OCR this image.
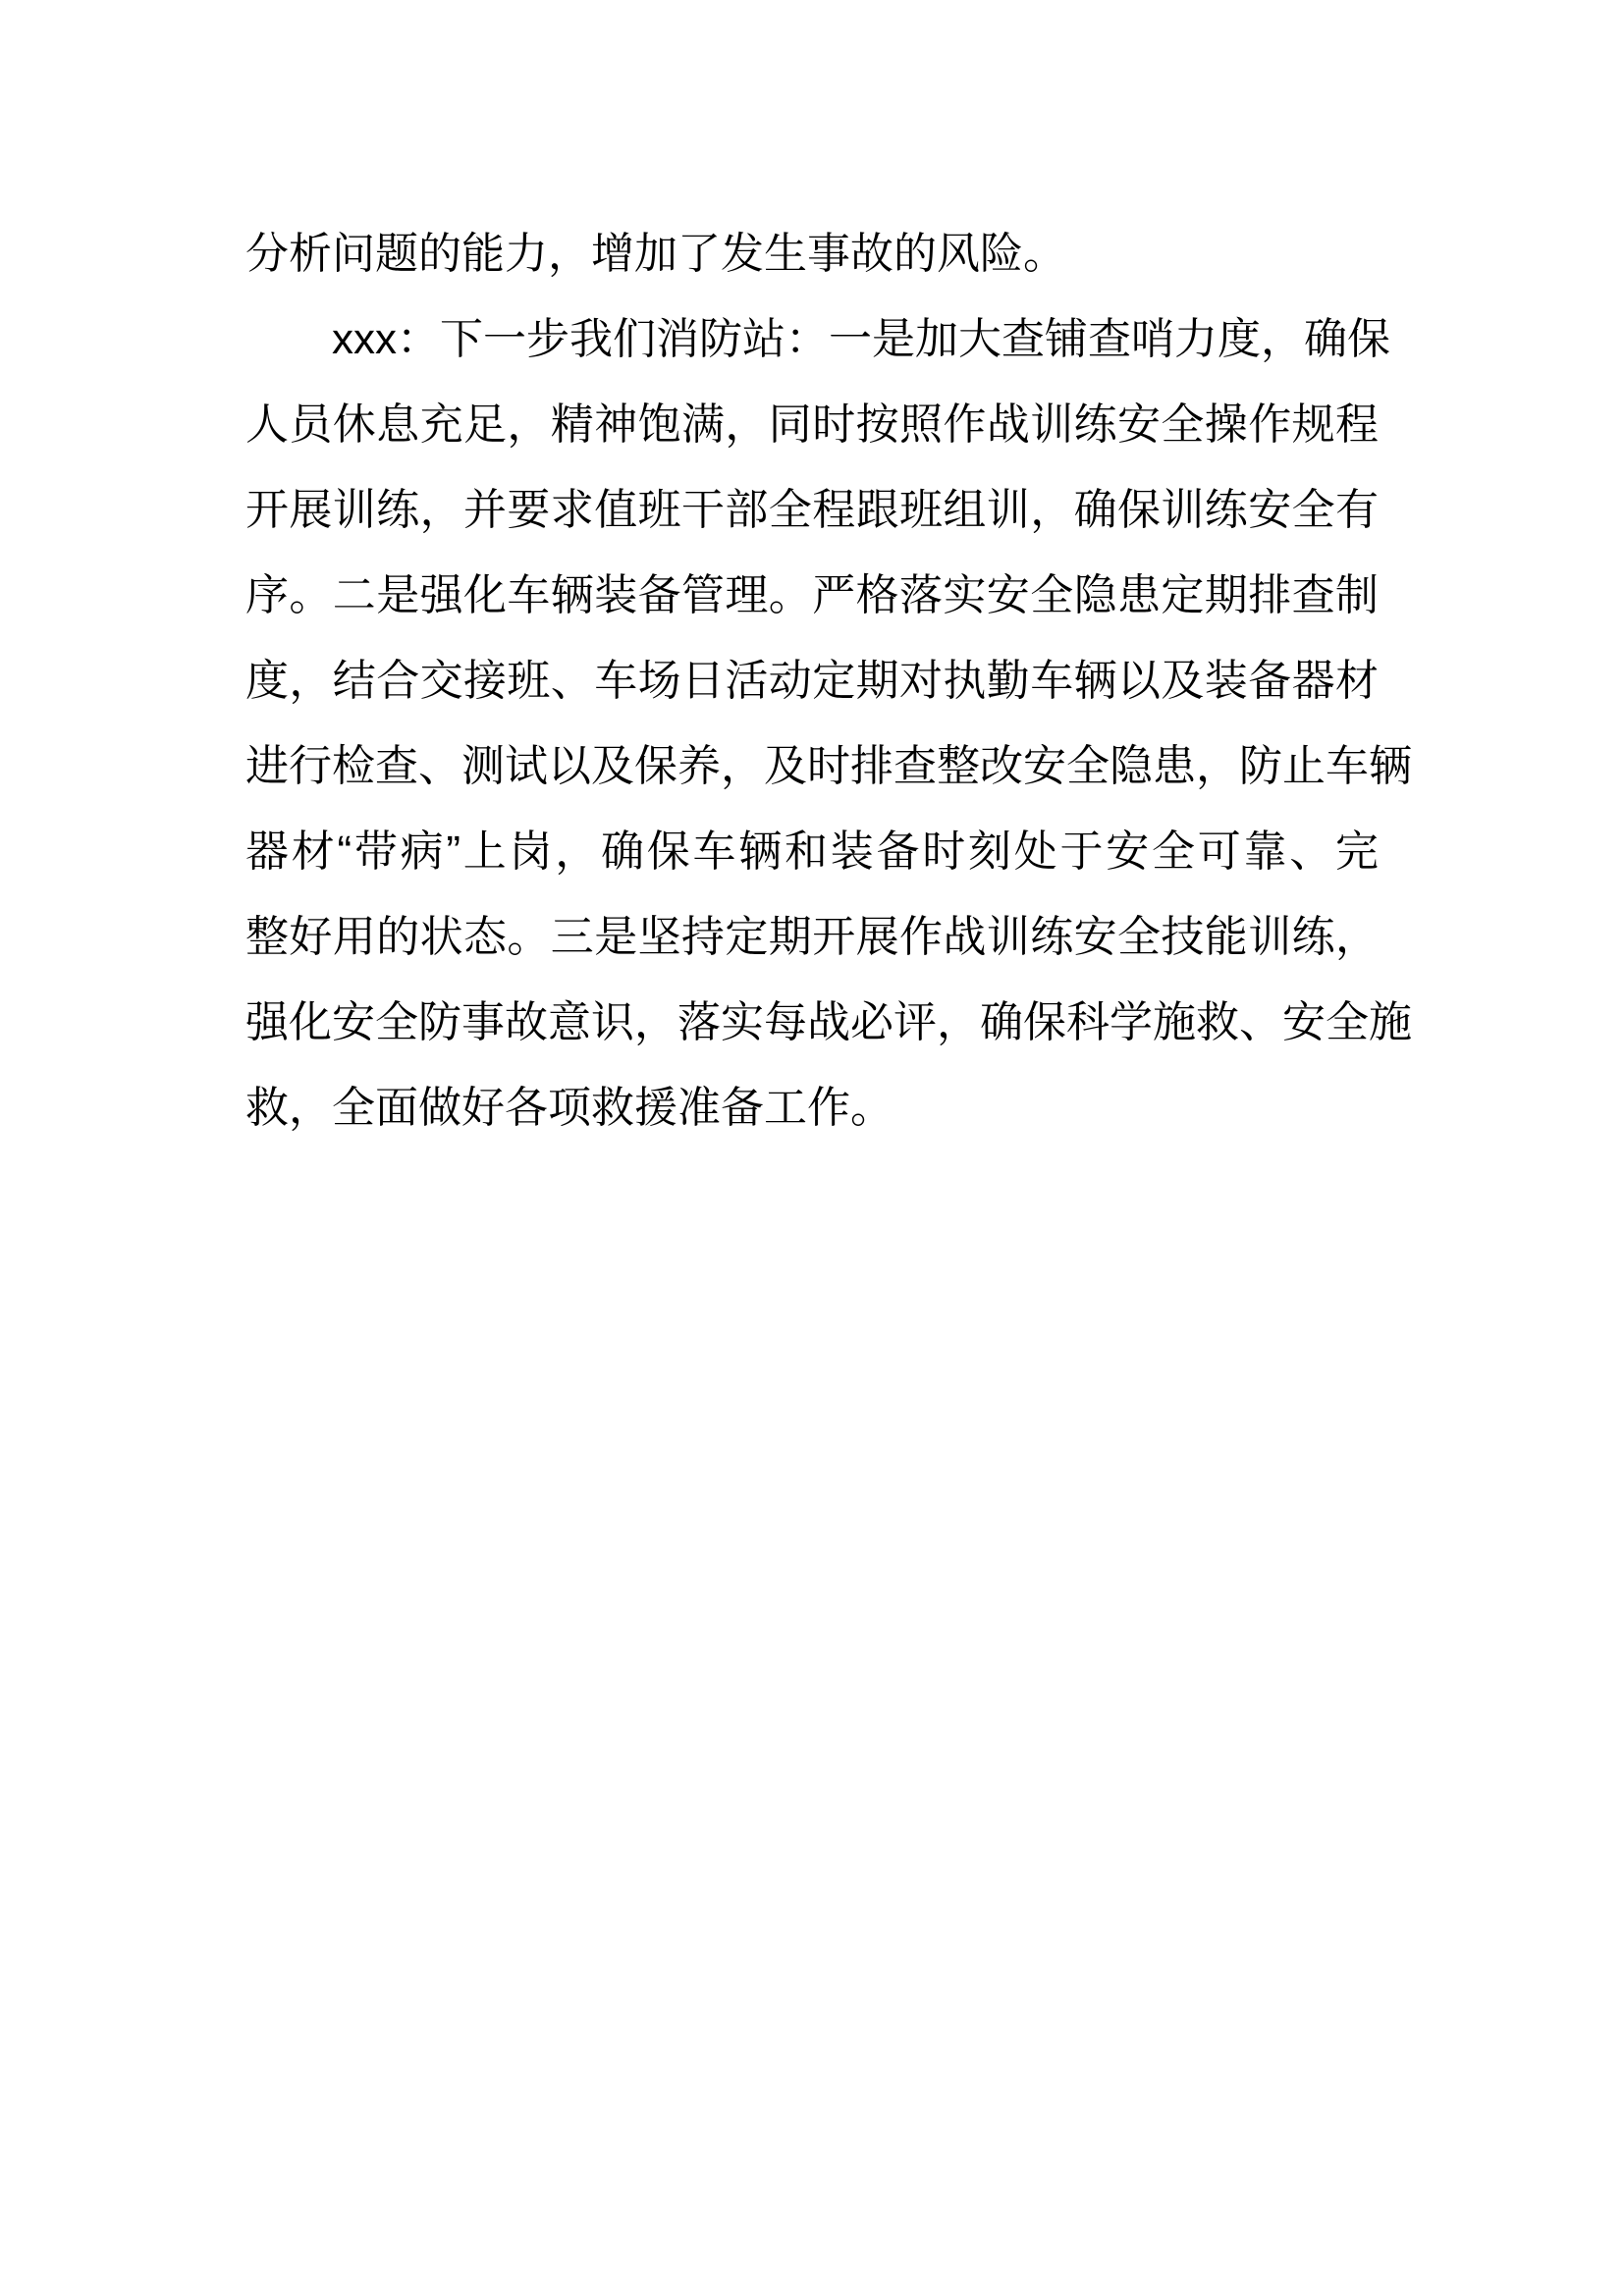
分析问题的能力，增加了发生事故的风险。
xxx：下一步我们消防站：一是加大查铺查哨力度，确保
人员休息充足，精神饱满，同时按照作战训练安全操作规程
开展训练，并要求值班干部全程跟班组训，确保训练安全有
序。二是强化车辆装备管理。严格落实安全隐患定期排查制
度，结合交接班、车场日活动定期对执勤车辆以及装备器材
进行检查、测试以及保养，及时排查整改安全隐患，防止车辆
器材“带病”上岗，确保车辆和装备时刻处于安全可靠、完
整好用的状态。三是坚持定期开展作战训练安全技能训练，
强化安全防事故意识，落实每战必评，确保科学施救、安全施
救，全面做好各项救援准备工作。
